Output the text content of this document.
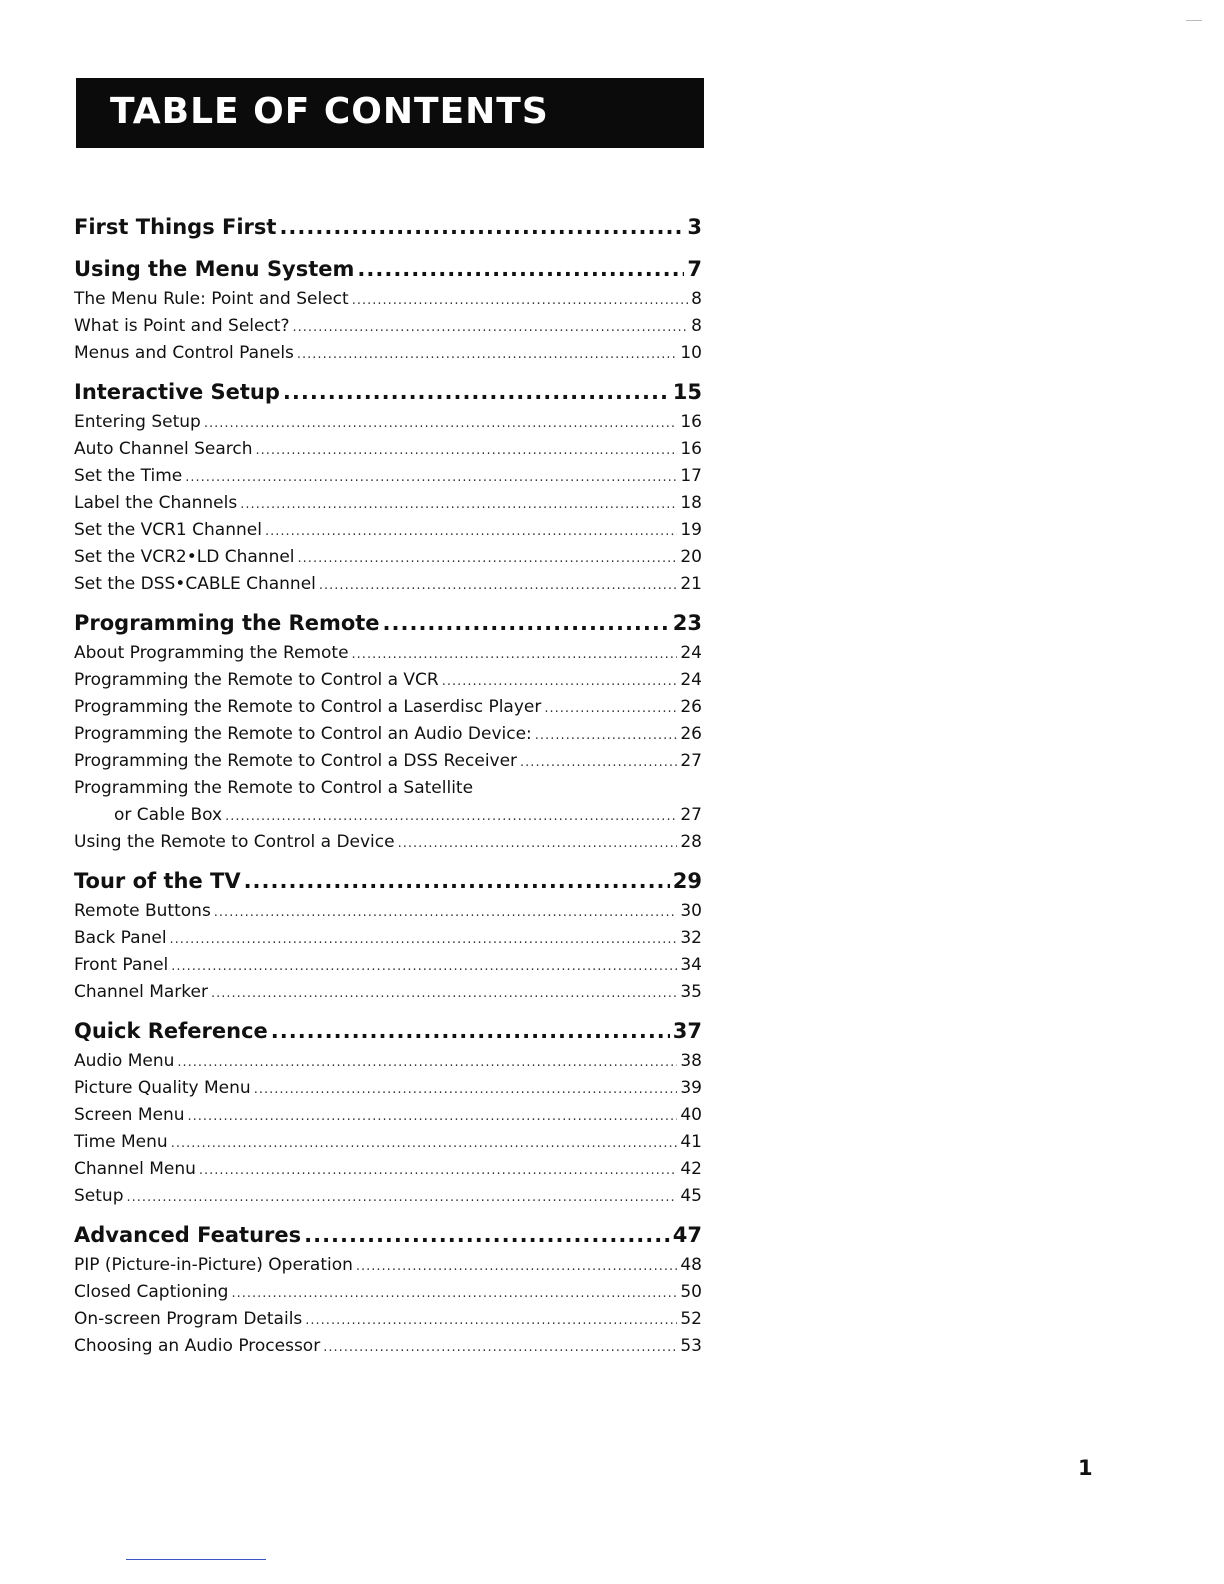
TABLE OF CONTENTS
First Things First .....	3
Using the Menu System .....	7
The Menu Rule: Point and Select .....	8
What is Point and Select? .....	8
Menus and Control Panels .....	10
Interactive Setup .....	15
Entering Setup .....	16
Auto Channel Search .....	16
Set the Time .....	17
Label the Channels .....	18
Set the VCR1 Channel .....	19
Set the VCR2•LD Channel .....	20
Set the DSS•CABLE Channel .....	21
Programming the Remote .....	23
About Programming the Remote .....	24
Programming the Remote to Control a VCR .....	24
Programming the Remote to Control a Laserdisc Player .....	26
Programming the Remote to Control an Audio Device: .....	26
Programming the Remote to Control a DSS Receiver .....	27
Programming the Remote to Control a Satellite
or Cable Box .....	27
Using the Remote to Control a Device .....	28
Tour of the TV .....	29
Remote Buttons .....	30
Back Panel .....	32
Front Panel .....	34
Channel Marker .....	35
Quick Reference .....	37
Audio Menu .....	38
Picture Quality Menu .....	39
Screen Menu .....	40
Time Menu .....	41
Channel Menu .....	42
Setup .....	45
Advanced Features .....	47
PIP (Picture-in-Picture) Operation .....	48
Closed Captioning .....	50
On-screen Program Details .....	52
Choosing an Audio Processor .....	53
1
